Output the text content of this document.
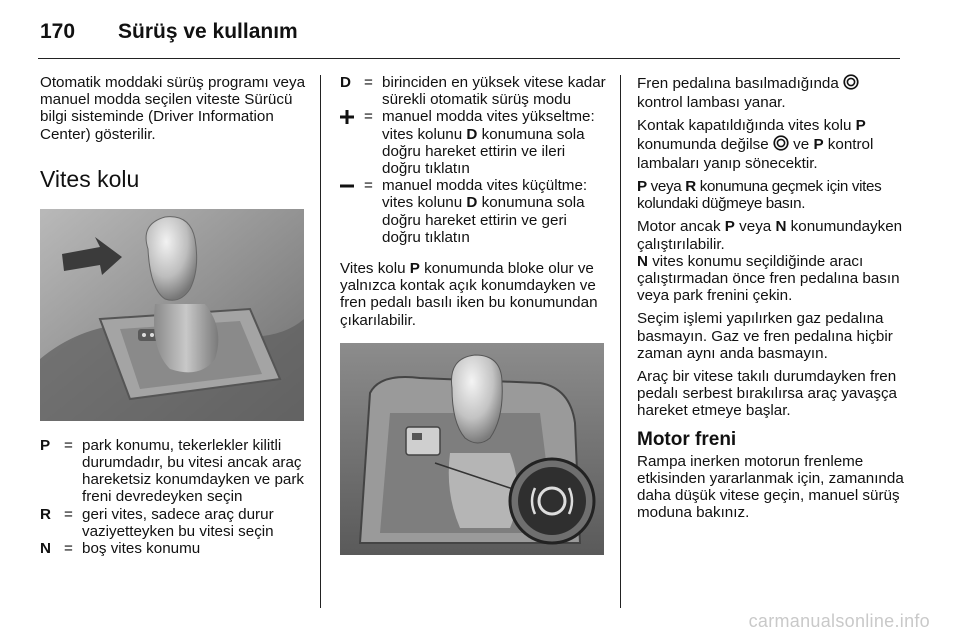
170 Sürüş ve kullanım

Otomatik moddaki sürüş programı veya manuel modda seçilen viteste Sürücü bilgi sisteminde (Driver Information Center) gösterilir.

Vites kolu
P = park konumu, tekerlekler kilitli durumdadır, bu vitesi ancak araç hareketsiz konumdayken ve park freni devredeyken seçin
R = geri vites, sadece araç durur vaziyetteyken bu vitesi seçin
N = boş vites konumu
D = birinciden en yüksek vitese kadar sürekli otomatik sürüş modu
= manuel modda vites yükseltme: vites kolunu D konumuna sola doğru hareket ettirin ve ileri doğru tıklatın
= manuel modda vites küçültme: vites kolunu D konumuna sola doğru hareket ettirin ve geri doğru tıklatın

Vites kolu P konumunda bloke olur ve yalnızca kontak açık konumdayken ve fren pedalı basılı iken bu konumundan çıkarılabilir.

Fren pedalına basılmadığında  kontrol lambası yanar.

Kontak kapatıldığında vites kolu P konumunda değilse  ve P kontrol lambaları yanıp sönecektir.

P veya R konumuna geçmek için vites kolundaki düğmeye basın.

Motor ancak P veya N konumundayken çalıştırılabilir.

N vites konumu seçildiğinde aracı çalıştırmadan önce fren pedalına basın veya park frenini çekin.

Seçim işlemi yapılırken gaz pedalına basmayın. Gaz ve fren pedalına hiçbir zaman aynı anda basmayın.

Araç bir vitese takılı durumdayken fren pedalı serbest bırakılırsa araç yavaşça hareket etmeye başlar.

Motor freni

Rampa inerken motorun frenleme etkisinden yararlanmak için, zamanında daha düşük vitese geçin, manuel sürüş moduna bakınız.

carmanualsonline.info
